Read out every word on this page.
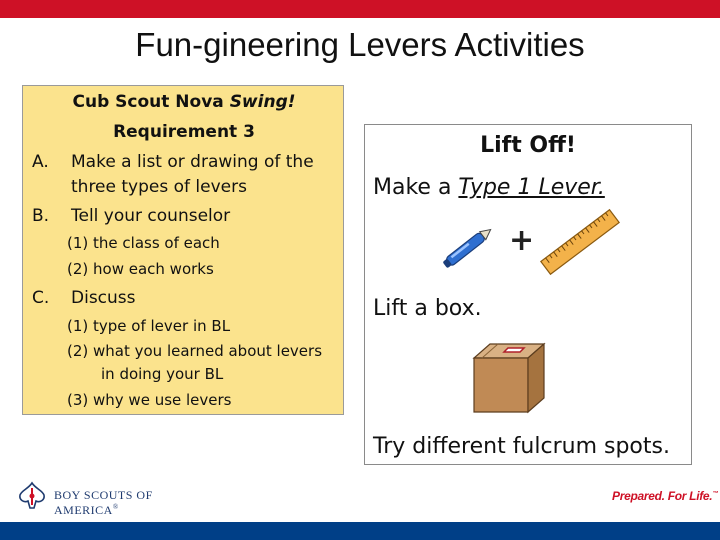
Fun-gineering Levers Activities
Cub Scout Nova Swing!
Requirement 3
A. Make a list or drawing of the
three types of levers
B. Tell your counselor
(1) the class of each
(2) how each works
C. Discuss
(1) type of lever in BL
(2) what you learned about levers
in doing your BL
(3) why we use levers
Lift Off!
Make a Type 1 Lever.
+
Lift a box.
Try different fulcrum spots.
BOY SCOUTS OF AMERICA®
Prepared. For Life.™
